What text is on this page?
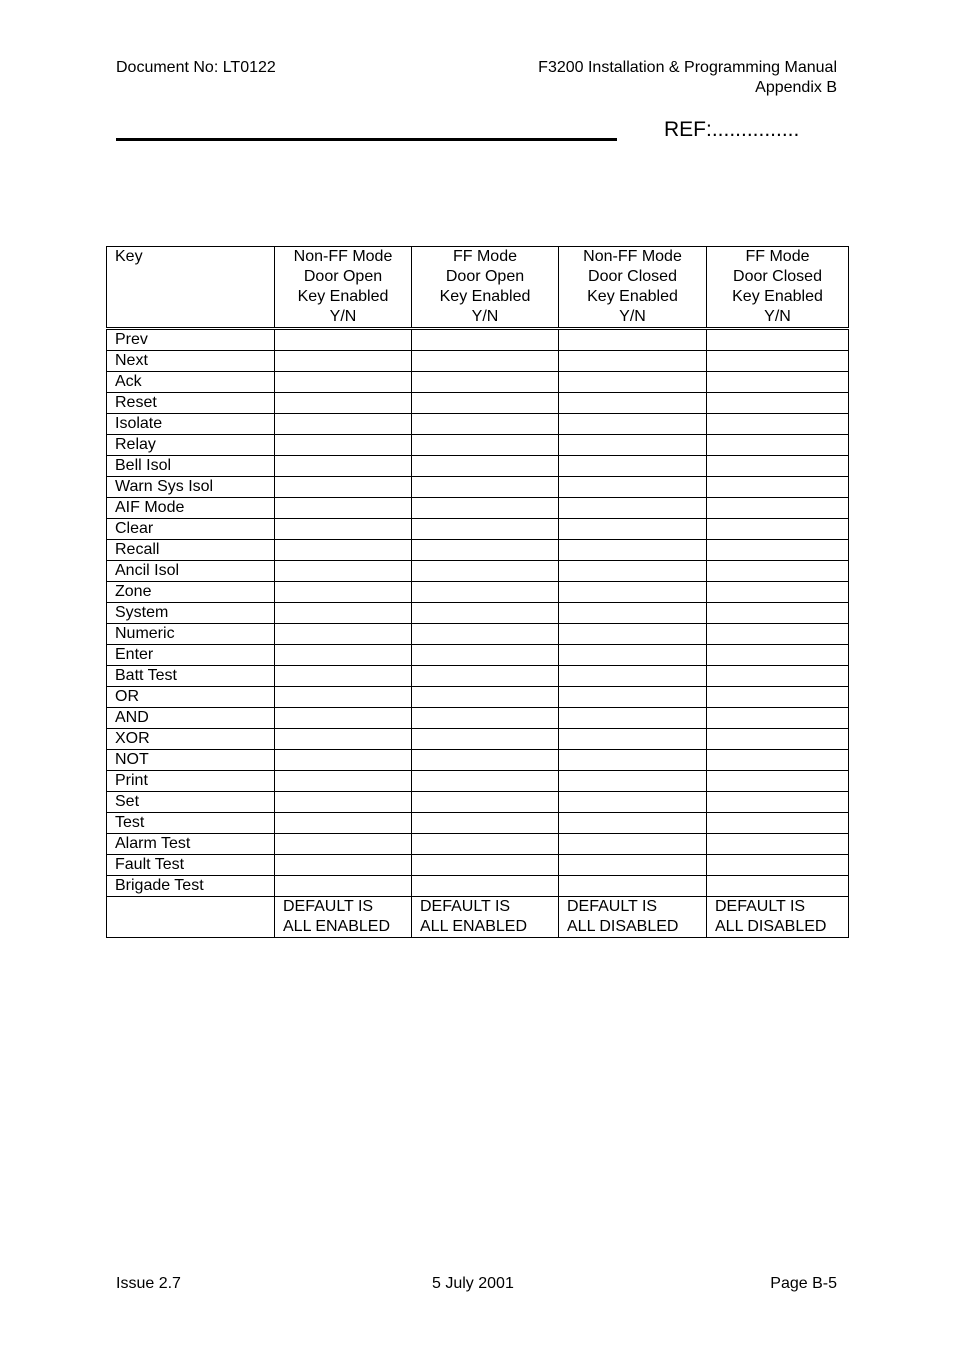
Document No: LT0122	F3200 Installation & Programming Manual
Appendix B
REF:...............
Key	Non-FF Mode
Door Open
Key Enabled
Y/N	FF Mode
Door Open
Key Enabled
Y/N	Non-FF Mode
Door Closed
Key Enabled
Y/N	FF Mode
Door Closed
Key Enabled
Y/N

Prev				
Next				
Ack				
Reset				
Isolate				
Relay				
Bell Isol				
Warn Sys Isol				
AIF Mode				
Clear				
Recall				
Ancil Isol				
Zone				
System				
Numeric				
Enter				
Batt Test				
OR				
AND				
XOR				
NOT				
Print				
Set				
Test				
Alarm Test				
Fault Test				
Brigade Test				

	DEFAULT IS
ALL ENABLED	DEFAULT IS
ALL ENABLED	DEFAULT IS
ALL DISABLED	DEFAULT IS
ALL DISABLED
Issue 2.7	5 July 2001	Page B-5
